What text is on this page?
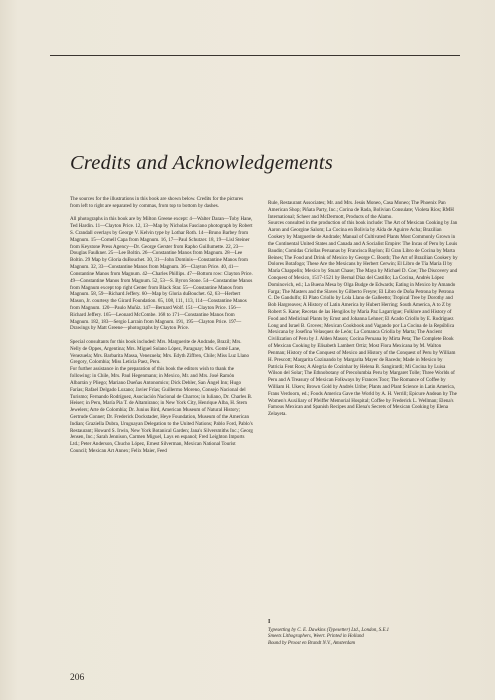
Credits and Acknowledgements

The sources for the illustrations in this book are shown below. Credits for the pictures from left to right are separated by commas, from top to bottom by dashes.

All photographs in this book are by Milton Greene except: 4—Walter Daran—Toby Hane, Ted Hardin. 11—Clayton Price. 12, 13—Map by Nicholas Fasciano photograph by Robert S. Crandall overlays by George V. Kelvin type by Lothar Roth. 14—Bruno Barbey from Magnum. 15—Cornell Capa from Magnum. 16, 17—Paul Schutzer. 18, 19—Lisl Steiner from Keystone Press Agency—Dr. George Gerster from Rapho Guillumette. 22, 23—Douglas Faulkner. 25—Lee Boltin. 26—Constantine Manos from Magnum. 28—Lee Boltin. 29 Map by Gloria duBouchet. 30, 31—John Dominis—Constantine Manos from Magnum. 32, 33—Constantine Manos from Magnum. 36—Clayton Price. 40, 41—Constantine Manos from Magnum. 42—Charles Phillips. 47—Bottom row: Clayton Price. 49—Constantine Manos from Magnum. 52, 53—S. Byron Stone. 54—Constantine Manos from Magnum except top right Center from Black Star. 55—Constantine Manos from Magnum. 58, 59—Richard Jeffery. 60—Map by Gloria duBouchet. 62, 63—Herbert Mason, Jr. courtesy the Girard Foundation. 65, 108, 111, 113, 114—Constantine Manos from Magnum. 120—Paulo Muñiz. 147—Bernard Wolf. 151—Clayton Price. 156—Richard Jeffery. 165—Leonard McCombe. 168 to 171—Constantine Manos from Magnum. 182, 183—Sergio Larrain from Magnum. 191, 195—Clayton Price. 197—Drawings by Matt Greene—photographs by Clayton Price.

Special consultants for this book included: Mrs. Marguerite de Andrade, Brazil; Mrs. Nelly de Oppes, Argentina; Mrs. Miguel Solano López, Paraguay; Mrs. Gomé Lane, Venezuela; Mrs. Barbarita Massa, Venezuela; Mrs. Edyth Ziffren, Chile; Miss Luz Llano Gregory, Colombia; Miss Leticia Paez, Peru.

For further assistance in the preparation of this book the editors wish to thank the following: in Chile, Mrs. Paul Hegenmann; in Mexico, Mr. and Mrs. José Ramón Albarrán y Pliego; Mariano Dueñas Antonomico; Dick Dehler, San Ángel Inn; Hugo Farías; Rafael Delgado Lozano; Javier Frías; Guillermo Moreno, Consejo Nacional del Turismo; Fernando Rodríguez, Asociación Nacional de Charros; in Iuliano, Dr. Charles B. Heiser; in Peru, María Pia T. de Altamirano; in New York City, Henrique Alba, H. Stern Jewelers; Arte de Colombia; Dr. Junius Bird, American Museum of Natural History; Gertrude Conner; Dr. Frederick Dockstader, Heye Foundation, Museum of the American Indian; Graziella Dubra, Uruguayan Delegation to the United Nations; Pablo Ford, Pablo's Restaurant; Howard S. Irwin, New York Botanical Garden; Jana's Silversmiths Inc.; Georg Jensen, Inc.; Sarah Jennison, Carmen Miguel, Lays en espanol; Fred Leighton Imports Ltd.; Peter Anderson, Chucho López, Ernest Silverman, Mexican National Tourist Council; Mexican Art Annex; Felix Maier, Feed

Rule, Restaurant Associates; Mr. and Mrs. Jesús Moneo, Casa Moneo; The Phoenix Pan American Shop; Piñata Party, Inc.; Corina de Rada, Bolivian Consulate; Violeta Ríos; RMH International; Scheer and McDermott, Products of the Alamo.

Sources consulted in the production of this book include: The Art of Mexican Cooking by Jan Aaron and Georgine Salom; La Cocina en Bolivia by Aída de Aguirre Acha; Brazilian Cookery by Marguerite de Andrade; Manual of Cultivated Plants Most Commonly Grown in the Continental United States and Canada and A Socialist Empire: The Incas of Peru by Louis Baudin; Comidas Criollas Peruanas by Francisca Baylon; El Gran Libro de Cocina by Marta Beines; The Food and Drink of Mexico by George C. Booth; The Art of Brazilian Cookery by Dolores Botafogo; These Are the Mexicans by Herbert Cerwin; El Libro de Tía María II by María Chappelin; Mexico by Stuart Chase; The Maya by Michael D. Coe; The Discovery and Conquest of Mexico, 1517-1521 by Bernal Díaz del Castillo; La Cocina, Andrés López Dominovich, ed.; La Buena Mesa by Olga Budge de Edwards; Eating in Mexico by Amando Farga; The Masters and the Slaves by Gilberto Freyre; El Libro de Doña Petrona by Petrona C. De Gandulfo; El Plato Criollo by Lola Llano de Galleetto; Tropical Tree by Dorothy and Bob Hargreaves; A History of Latin America by Hubert Herring; South America, A to Z by Robert S. Kane; Recetas de las Hengilos by María Paz Lagarrigue; Folklore and History of Food and Medicinal Plants by Ernst and Johanna Lehner; El Acado Criollo by E. Rodríguez Long and Israel B. Groves; Mexican Cookbook and Vagando por La Cocina de la República Mexicana by Josefina Velasquez de León; La Comanca Criolla by Marta; The Ancient Civilization of Peru by J. Alden Mason; Cocina Peruana by Mirta Peta; The Complete Book of Mexican Cooking by Elisabeth Lambert Ortiz; Most Flora Mexicana by M. Walton Penman; History of the Conquest of Mexico and History of the Conquest of Peru by William H. Prescott; Margarita Cozinando by Margarita Mayer de Racedo; Made in Mexico by Patricia Fent Ross; A Alegria de Cozinhar by Helena B. Sangirardi; Mi Cocina by Luisa Wilson del Solar; The Ethnobotany of Precolumbia Peru by Margaret Tolle; Three Worlds of Peru and A Treasury of Mexican Folkways by Frances Toor; The Romance of Coffee by William H. Ukers; Brown Gold by Andrés Uribe; Plants and Plant Science in Latin America, Frans Verdoorn, ed.; Foods America Gave the World by A. H. Verrill; Epicure Andean by The Women's Auxiliary of Pfeiffer Memorial Hospital; Coffee by Frederick L. Wellman; Elena's Famous Mexican and Spanish Recipes and Elena's Secrets of Mexican Cooking by Elena Zelayeta.

I

Typesetting by C. E. Dawkins (Typesetter) Ltd., London, S.E.1

Smeets Lithographers, Weert. Printed in Holland

Bound by Proost en Brandt N.V., Amsterdam

206
